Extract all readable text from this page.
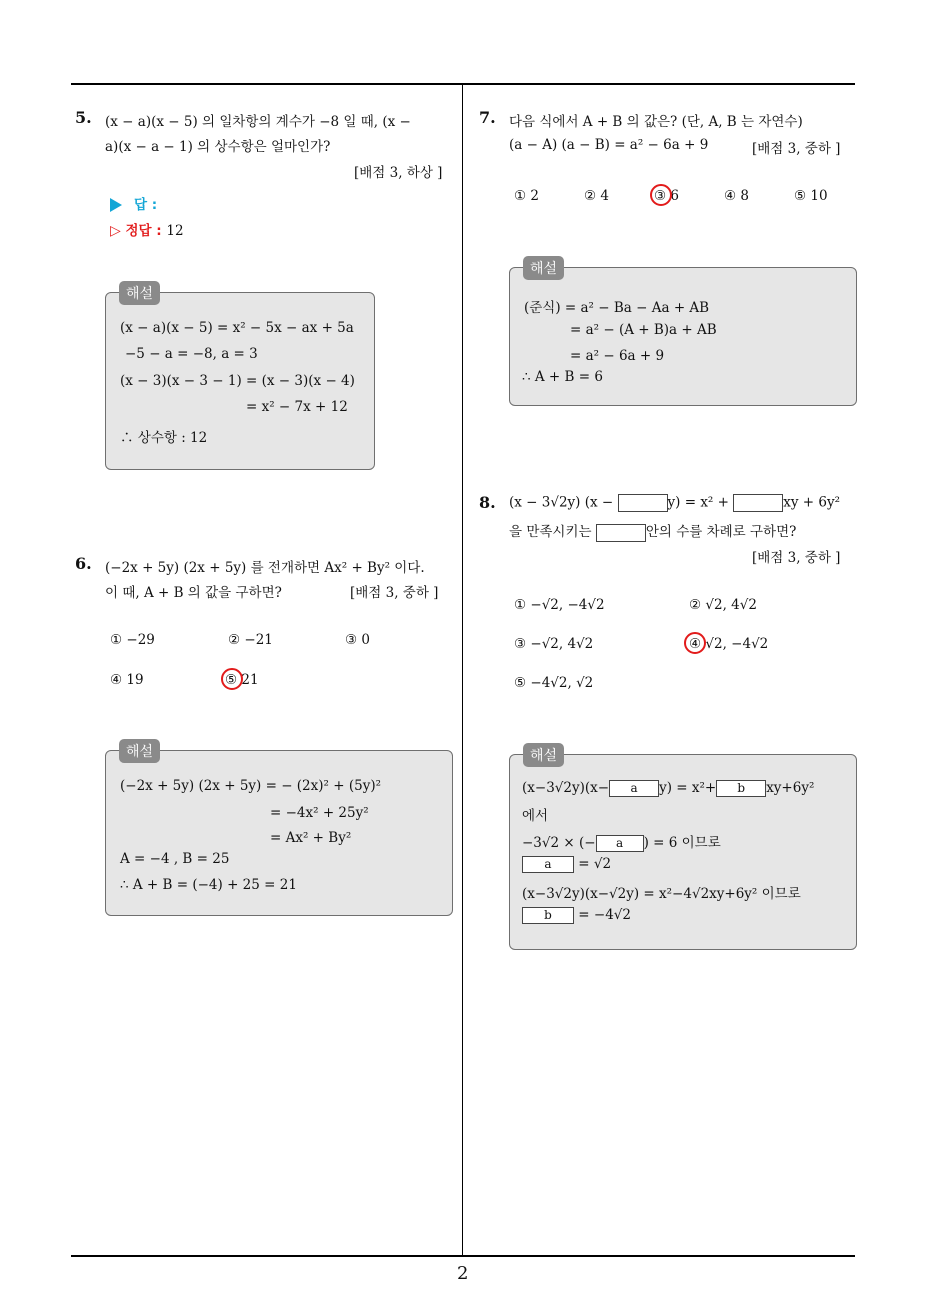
2
5. (x − a)(x − 5) 의 일차항의 계수가 −8 일 때, (x −
a)(x − a − 1) 의 상수항은 얼마인가?
[배점 3, 하상 ]
답 :
▷ 정답 : 12
해설
(x − a)(x − 5) = x² − 5x − ax + 5a
−5 − a = −8, a = 3
(x − 3)(x − 3 − 1) = (x − 3)(x − 4)
= x² − 7x + 12
∴ 상수항 : 12
6. (−2x + 5y) (2x + 5y) 를 전개하면 Ax² + By² 이다.
이 때, A + B 의 값을 구하면?	[배점 3, 중하 ]
① −29	② −21	③ 0
④ 19	⑤ 21
해설
(−2x + 5y) (2x + 5y) = − (2x)² + (5y)²
= −4x² + 25y²
= Ax² + By²
A = −4 , B = 25
∴ A + B = (−4) + 25 = 21
7. 다음 식에서 A + B 의 값은? (단, A, B 는 자연수)
(a − A) (a − B) = a² − 6a + 9	[배점 3, 중하 ]
① 2	② 4	③ 6	④ 8	⑤ 10
해설
(준식) = a² − Ba − Aa + AB
= a² − (A + B)a + AB
= a² − 6a + 9
∴ A + B = 6
8. (x − 3√2y) (x −	y) = x² +	xy + 6y²
을 만족시키는	안의 수를 차례로 구하면?
[배점 3, 중하 ]
① −√2, −4√2	② √2, 4√2
③ −√2, 4√2	④ √2, −4√2
⑤ −4√2, √2
해설
(x−3√2y)(x− a y) = x²+ b xy+6y²
에서
−3√2 × (− a ) = 6 이므로
a = √2
(x−3√2y)(x−√2y) = x²−4√2xy+6y² 이므로
b = −4√2
